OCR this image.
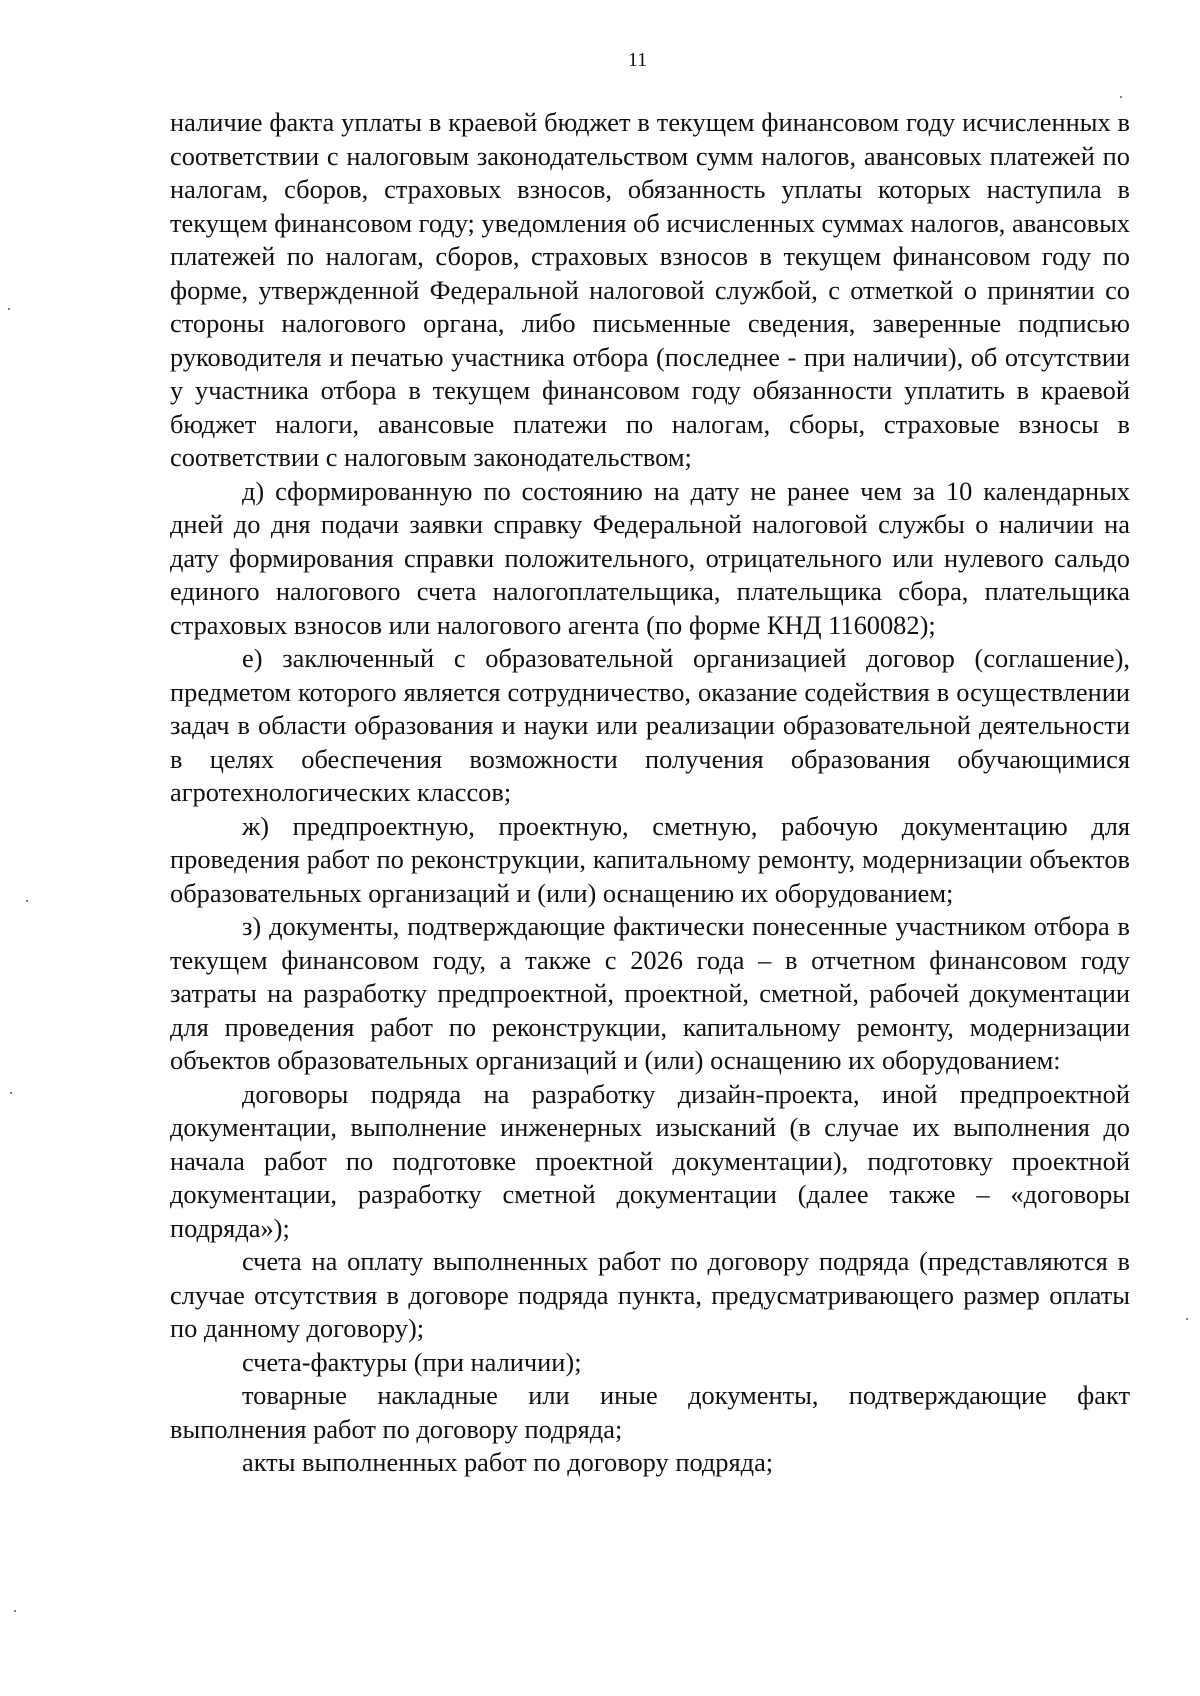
11

наличие факта уплаты в краевой бюджет в текущем финансовом году исчисленных в соответствии с налоговым законодательством сумм налогов, авансовых платежей по налогам, сборов, страховых взносов, обязанность уплаты которых наступила в текущем финансовом году; уведомления об исчисленных суммах налогов, авансовых платежей по налогам, сборов, страховых взносов в текущем финансовом году по форме, утвержденной Федеральной налоговой службой, с отметкой о принятии со стороны налогового органа, либо письменные сведения, заверенные подписью руководителя и печатью участника отбора (последнее - при наличии), об отсутствии у участника отбора в текущем финансовом году обязанности уплатить в краевой бюджет налоги, авансовые платежи по налогам, сборы, страховые взносы в соответствии с налоговым законодательством;

д) сформированную по состоянию на дату не ранее чем за 10 календарных дней до дня подачи заявки справку Федеральной налоговой службы о наличии на дату формирования справки положительного, отрицательного или нулевого сальдо единого налогового счета налогоплательщика, плательщика сбора, плательщика страховых взносов или налогового агента (по форме КНД 1160082);

е) заключенный с образовательной организацией договор (соглашение), предметом которого является сотрудничество, оказание содействия в осуществлении задач в области образования и науки или реализации образовательной деятельности в целях обеспечения возможности получения образования обучающимися агротехнологических классов;

ж) предпроектную, проектную, сметную, рабочую документацию для проведения работ по реконструкции, капитальному ремонту, модернизации объектов образовательных организаций и (или) оснащению их оборудованием;

з) документы, подтверждающие фактически понесенные участником отбора в текущем финансовом году, а также с 2026 года – в отчетном финансовом году затраты на разработку предпроектной, проектной, сметной, рабочей документации для проведения работ по реконструкции, капитальному ремонту, модернизации объектов образовательных организаций и (или) оснащению их оборудованием:

договоры подряда на разработку дизайн-проекта, иной предпроектной документации, выполнение инженерных изысканий (в случае их выполнения до начала работ по подготовке проектной документации), подготовку проектной документации, разработку сметной документации (далее также – «договоры подряда»);

счета на оплату выполненных работ по договору подряда (представляются в случае отсутствия в договоре подряда пункта, предусматривающего размер оплаты по данному договору);

счета-фактуры (при наличии);

товарные накладные или иные документы, подтверждающие факт выполнения работ по договору подряда;

акты выполненных работ по договору подряда;
